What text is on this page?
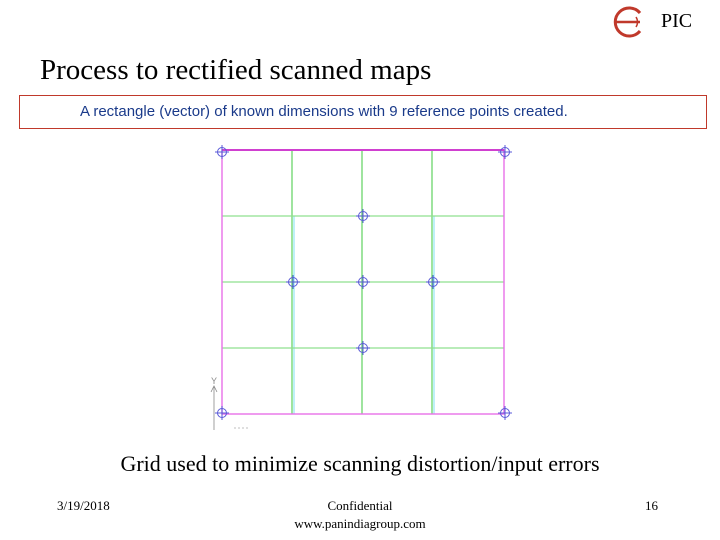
PIC
Process to rectified scanned maps
A rectangle (vector) of known dimensions with 9 reference points created.
Y
Grid used to minimize scanning distortion/input errors
3/19/2018	Confidential
www.panindiagroup.com
16
